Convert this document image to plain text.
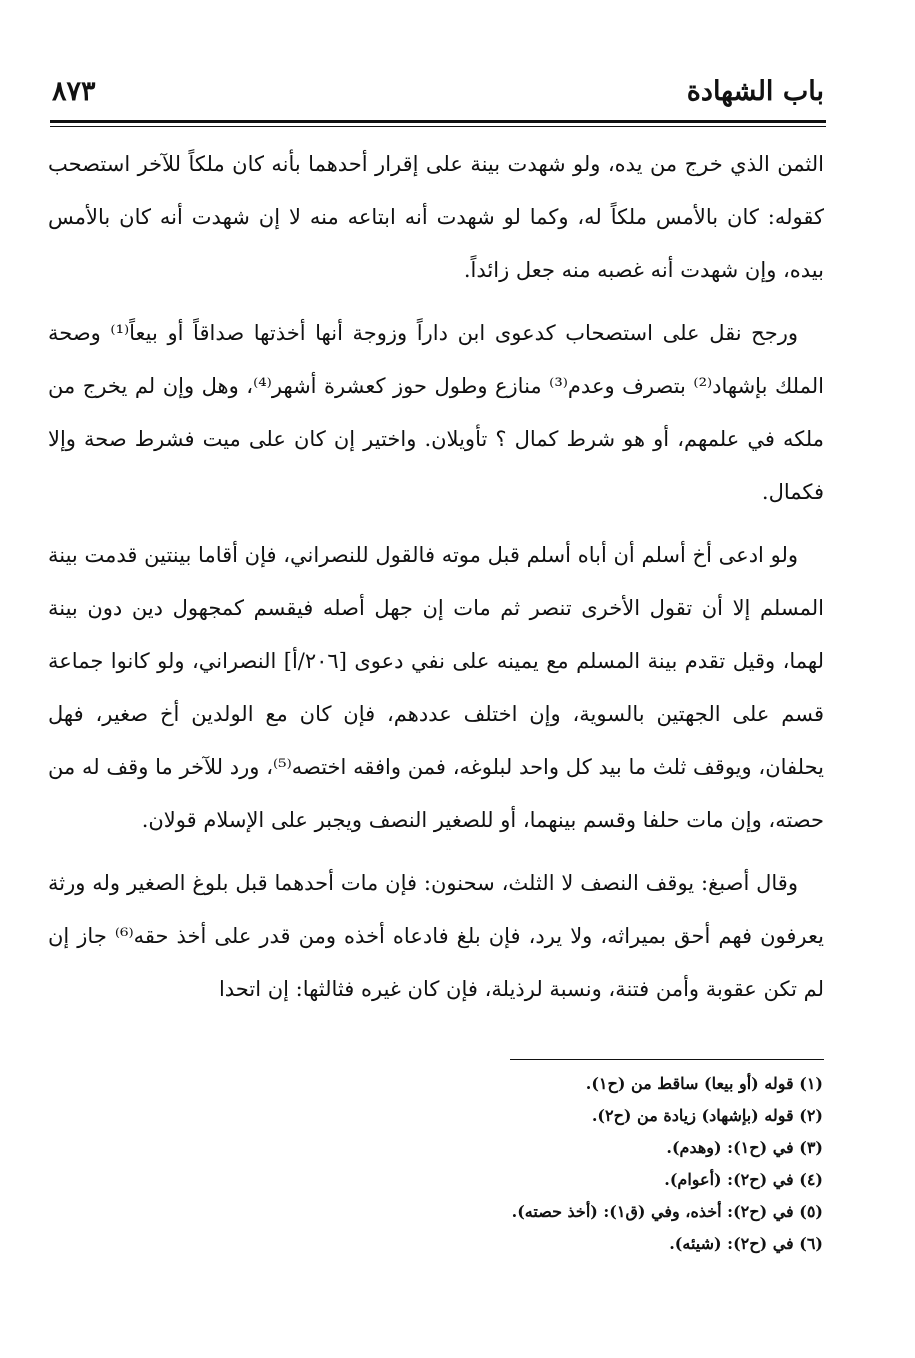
باب الشهادة
٨٧٣

الثمن الذي خرج من يده، ولو شهدت بينة على إقرار أحدهما بأنه كان ملكاً للآخر استصحب كقوله: كان بالأمس ملكاً له، وكما لو شهدت أنه ابتاعه منه لا إن شهدت أنه كان بالأمس بيده، وإن شهدت أنه غصبه منه جعل زائداً.

ورجح نقل على استصحاب كدعوى ابن داراً وزوجة أنها أخذتها صداقاً أو بيعاً⁽¹⁾ وصحة الملك بإشهاد⁽²⁾ بتصرف وعدم⁽³⁾ منازع وطول حوز كعشرة أشهر⁽⁴⁾، وهل وإن لم يخرج من ملكه في علمهم، أو هو شرط كمال ؟ تأويلان. واختير إن كان على ميت فشرط صحة وإلا فكمال.

ولو ادعى أخ أسلم أن أباه أسلم قبل موته فالقول للنصراني، فإن أقاما بينتين قدمت بينة المسلم إلا أن تقول الأخرى تنصر ثم مات إن جهل أصله فيقسم كمجهول دين دون بينة لهما، وقيل تقدم بينة المسلم مع يمينه على نفي دعوى [٢٠٦/أ] النصراني، ولو كانوا جماعة قسم على الجهتين بالسوية، وإن اختلف عددهم، فإن كان مع الولدين أخ صغير، فهل يحلفان، ويوقف ثلث ما بيد كل واحد لبلوغه، فمن وافقه اختصه⁽⁵⁾، ورد للآخر ما وقف له من حصته، وإن مات حلفا وقسم بينهما، أو للصغير النصف ويجبر على الإسلام قولان.

وقال أصبغ: يوقف النصف لا الثلث، سحنون: فإن مات أحدهما قبل بلوغ الصغير وله ورثة يعرفون فهم أحق بميراثه، ولا يرد، فإن بلغ فادعاه أخذه ومن قدر على أخذ حقه⁽⁶⁾ جاز إن لم تكن عقوبة وأمن فتنة، ونسبة لرذيلة، فإن كان غيره فثالثها: إن اتحدا

(١) قوله (أو بيعا) ساقط من (ح١).
(٢) قوله (بإشهاد) زيادة من (ح٢).
(٣) في (ح١): (وهدم).
(٤) في (ح٢): (أعوام).
(٥) في (ح٢): أخذه، وفي (ق١): (أخذ حصته).
(٦) في (ح٢): (شيئه).
